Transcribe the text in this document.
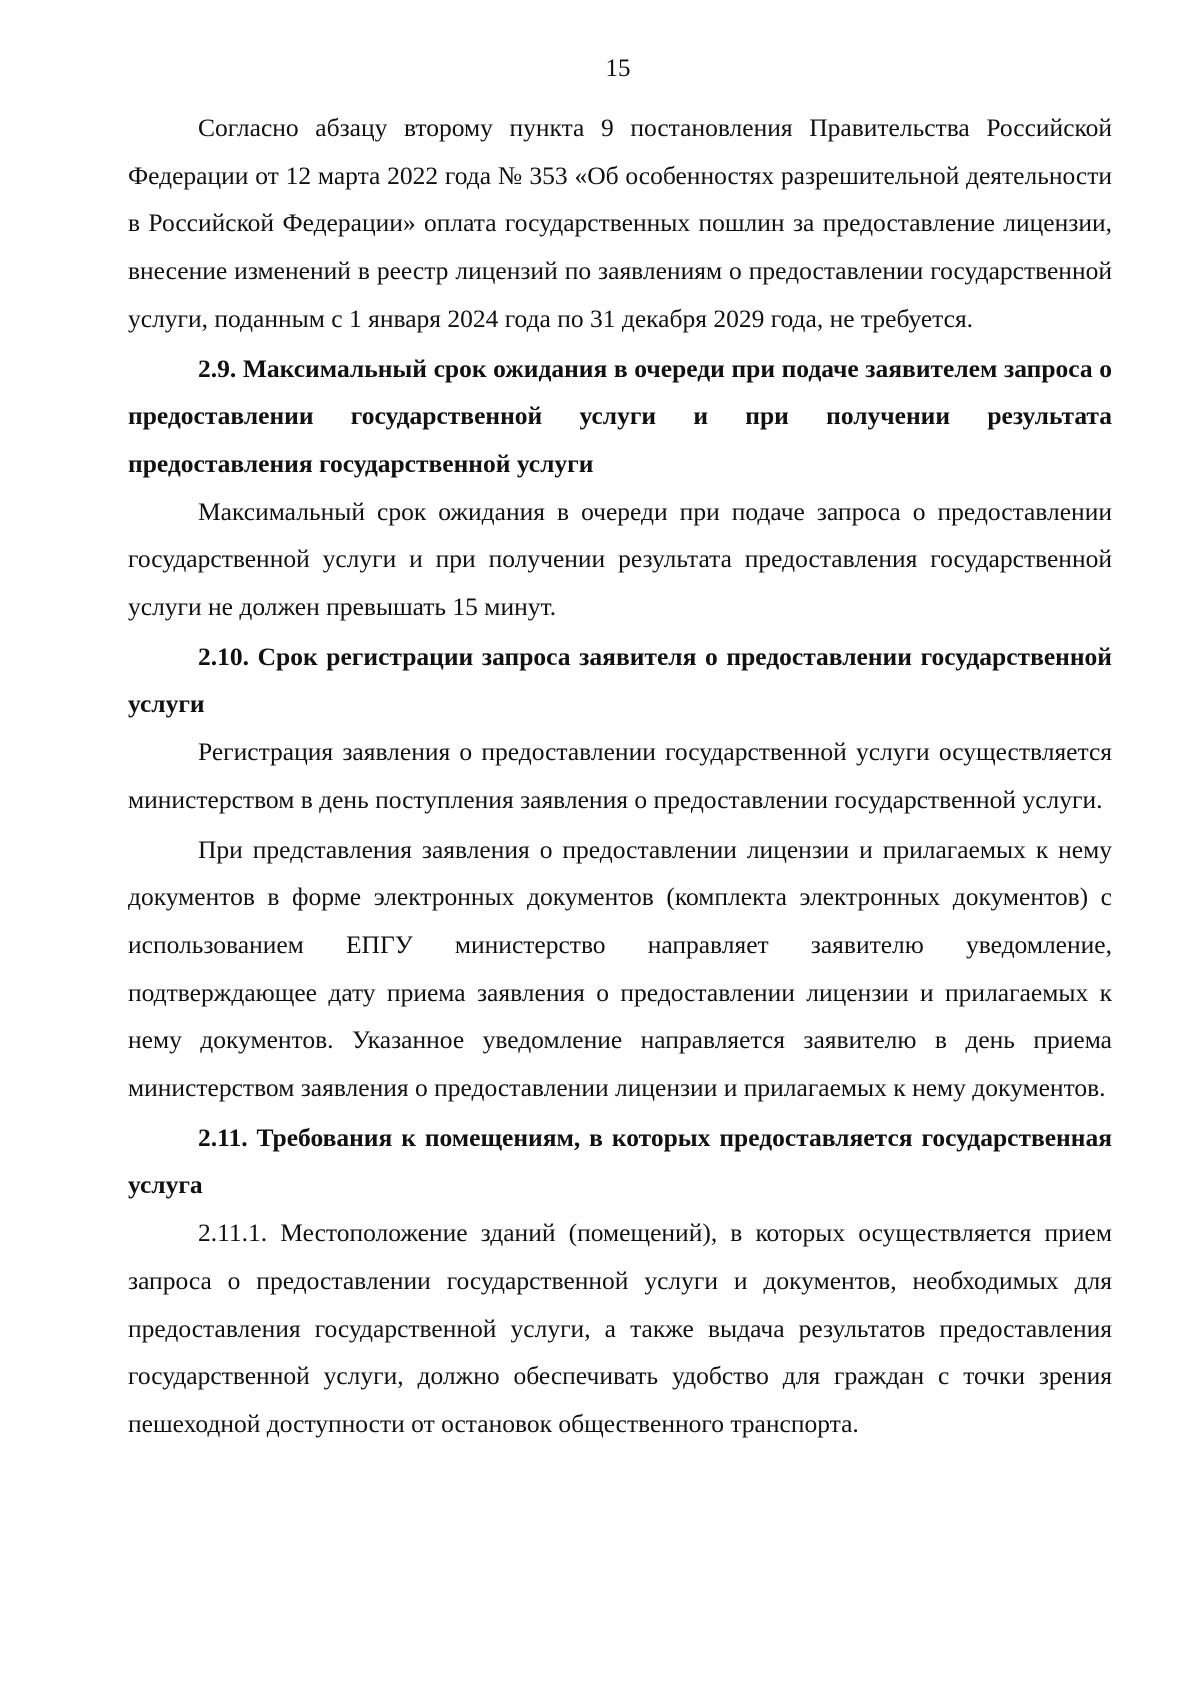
15

Согласно абзацу второму пункта 9 постановления Правительства Российской Федерации от 12 марта 2022 года № 353 «Об особенностях разрешительной деятельности в Российской Федерации» оплата государственных пошлин за предоставление лицензии, внесение изменений в реестр лицензий по заявлениям о предоставлении государственной услуги, поданным с 1 января 2024 года по 31 декабря 2029 года, не требуется.

2.9. Максимальный срок ожидания в очереди при подаче заявителем запроса о предоставлении государственной услуги и при получении результата предоставления государственной услуги

Максимальный срок ожидания в очереди при подаче запроса о предоставлении государственной услуги и при получении результата предоставления государственной услуги не должен превышать 15 минут.

2.10. Срок регистрации запроса заявителя о предоставлении государственной услуги

Регистрация заявления о предоставлении государственной услуги осуществляется министерством в день поступления заявления о предоставлении государственной услуги.

При представления заявления о предоставлении лицензии и прилагаемых к нему документов в форме электронных документов (комплекта электронных документов) с использованием ЕПГУ министерство направляет заявителю уведомление, подтверждающее дату приема заявления о предоставлении лицензии и прилагаемых к нему документов. Указанное уведомление направляется заявителю в день приема министерством заявления о предоставлении лицензии и прилагаемых к нему документов.

2.11. Требования к помещениям, в которых предоставляется государственная услуга

2.11.1. Местоположение зданий (помещений), в которых осуществляется прием запроса о предоставлении государственной услуги и документов, необходимых для предоставления государственной услуги, а также выдача результатов предоставления государственной услуги, должно обеспечивать удобство для граждан с точки зрения пешеходной доступности от остановок общественного транспорта.
